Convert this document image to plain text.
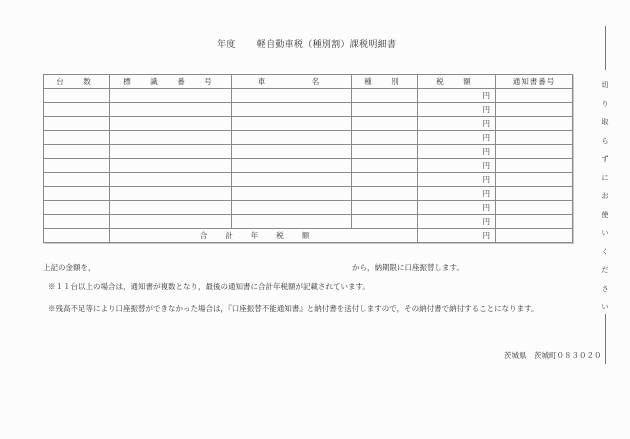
年度 軽自動車税（種別割）課税明細書
台　数	標　識　番　号	車　　　名	種　別	税　額	通知書番号
				円	
				円	
				円	
				円	
				円	
				円	
				円	
				円	
				円	
				円	
	合計年税額			円	
上記の金額を，	から，納期限に口座振替します。
※１１台以上の場合は，通知書が複数となり，最後の通知書に合計年税額が記載されています。
※残高不足等により口座振替ができなかった場合は，『口座振替不能通知書』と納付書を送付しますので，その納付書で納付することになります。
茨城県　茨城町０８３０２０
切
り
取
ら
ず
に
お
使
い
く
だ
さ
い
